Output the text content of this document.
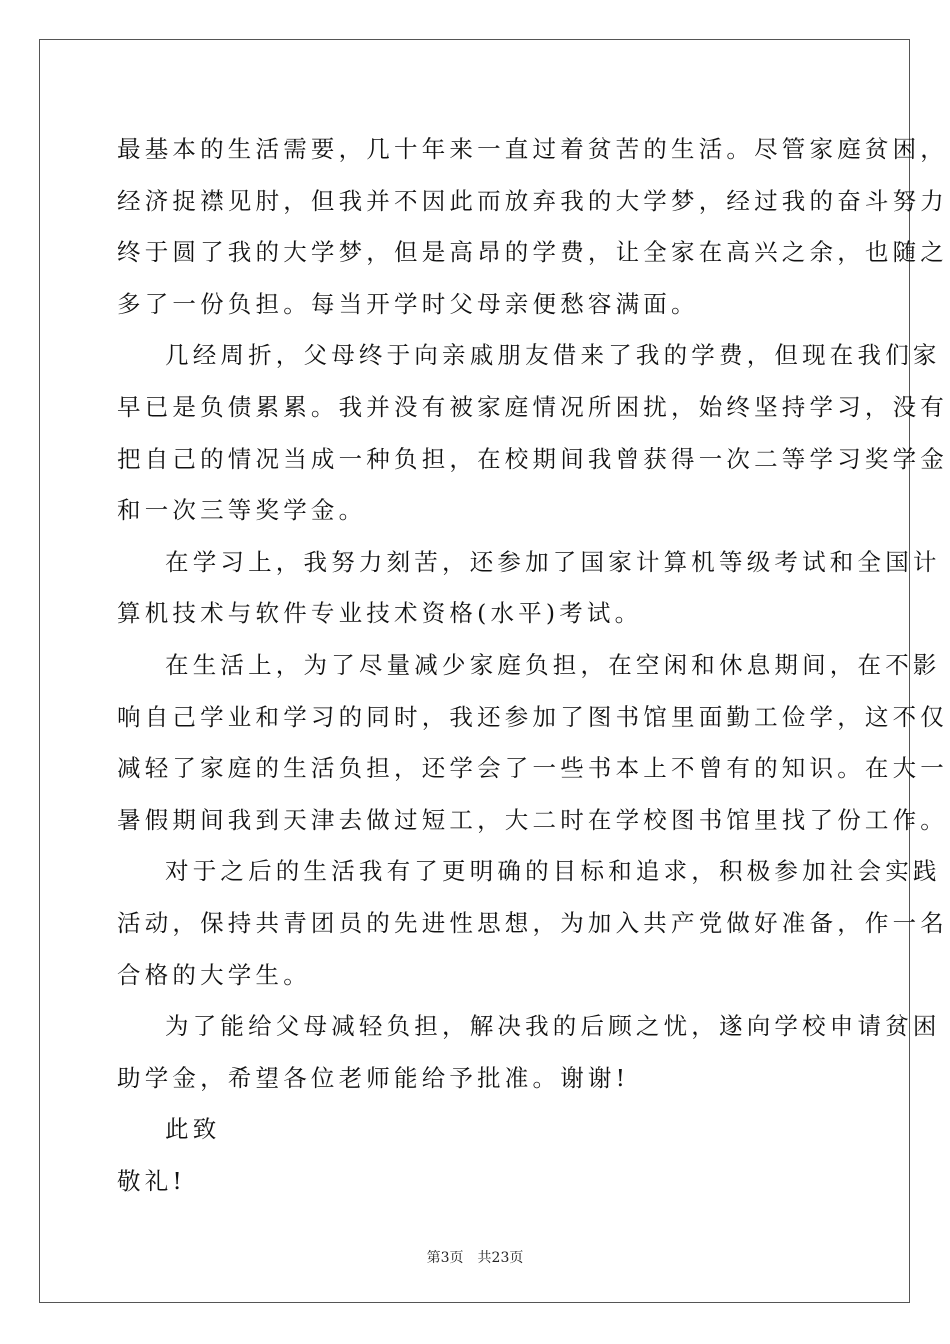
最基本的生活需要，几十年来一直过着贫苦的生活。尽管家庭贫困，
经济捉襟见肘，但我并不因此而放弃我的大学梦，经过我的奋斗努力
终于圆了我的大学梦，但是高昂的学费，让全家在高兴之余，也随之
多了一份负担。每当开学时父母亲便愁容满面。
几经周折，父母终于向亲戚朋友借来了我的学费，但现在我们家
早已是负债累累。我并没有被家庭情况所困扰，始终坚持学习，没有
把自己的情况当成一种负担，在校期间我曾获得一次二等学习奖学金
和一次三等奖学金。
在学习上，我努力刻苦，还参加了国家计算机等级考试和全国计
算机技术与软件专业技术资格(水平)考试。
在生活上，为了尽量减少家庭负担，在空闲和休息期间，在不影
响自己学业和学习的同时，我还参加了图书馆里面勤工俭学，这不仅
减轻了家庭的生活负担，还学会了一些书本上不曾有的知识。在大一
暑假期间我到天津去做过短工，大二时在学校图书馆里找了份工作。
对于之后的生活我有了更明确的目标和追求，积极参加社会实践
活动，保持共青团员的先进性思想，为加入共产党做好准备，作一名
合格的大学生。
为了能给父母减轻负担，解决我的后顾之忧，遂向学校申请贫困
助学金，希望各位老师能给予批准。谢谢!
此致
敬礼!
第3页　共23页
